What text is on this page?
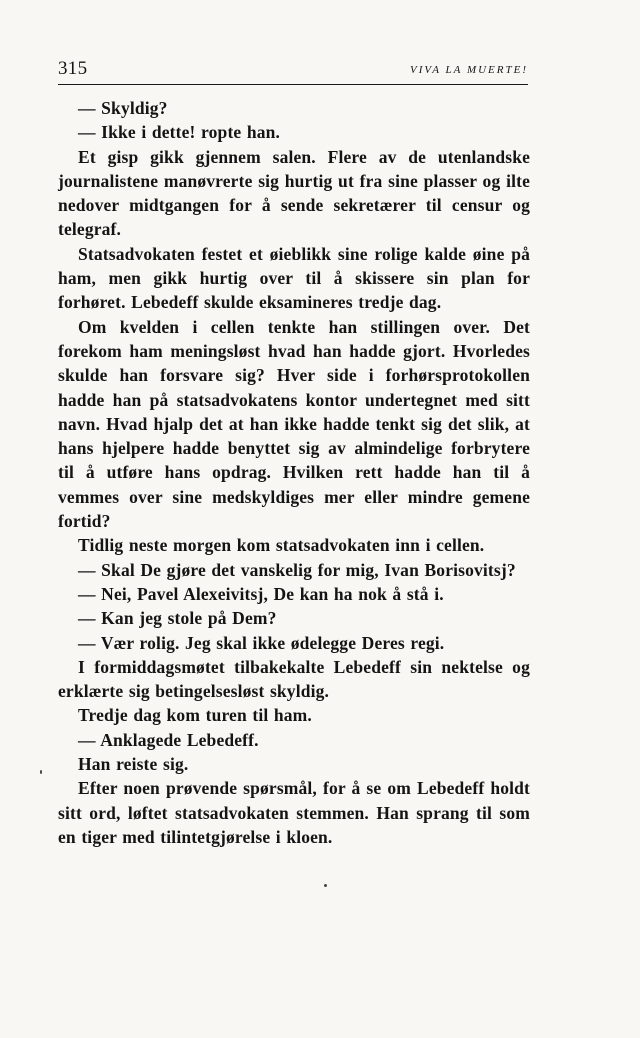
315	VIVA LA MUERTE!

— Skyldig?

— Ikke i dette! ropte han.

Et gisp gikk gjennem salen. Flere av de utenlandske journalistene manøvrerte sig hurtig ut fra sine plasser og ilte nedover midtgangen for å sende sekretærer til censur og telegraf.

Statsadvokaten festet et øieblikk sine rolige kalde øine på ham, men gikk hurtig over til å skissere sin plan for forhøret. Lebedeff skulde eksamineres tredje dag.

Om kvelden i cellen tenkte han stillingen over. Det forekom ham meningsløst hvad han hadde gjort. Hvorledes skulde han forsvare sig? Hver side i forhørsprotokollen hadde han på statsadvokatens kontor undertegnet med sitt navn. Hvad hjalp det at han ikke hadde tenkt sig det slik, at hans hjelpere hadde benyttet sig av almindelige forbrytere til å utføre hans opdrag. Hvilken rett hadde han til å vemmes over sine medskyldiges mer eller mindre gemene fortid?

Tidlig neste morgen kom statsadvokaten inn i cellen.

— Skal De gjøre det vanskelig for mig, Ivan Borisovitsj?

— Nei, Pavel Alexeivitsj, De kan ha nok å stå i.

— Kan jeg stole på Dem?

— Vær rolig. Jeg skal ikke ødelegge Deres regi.

I formiddagsmøtet tilbakekalte Lebedeff sin nektelse og erklærte sig betingelsesløst skyldig.

Tredje dag kom turen til ham.

— Anklagede Lebedeff.

Han reiste sig.

Efter noen prøvende spørsmål, for å se om Lebedeff holdt sitt ord, løftet statsadvokaten stemmen. Han sprang til som en tiger med tilintetgjørelse i kloen.
